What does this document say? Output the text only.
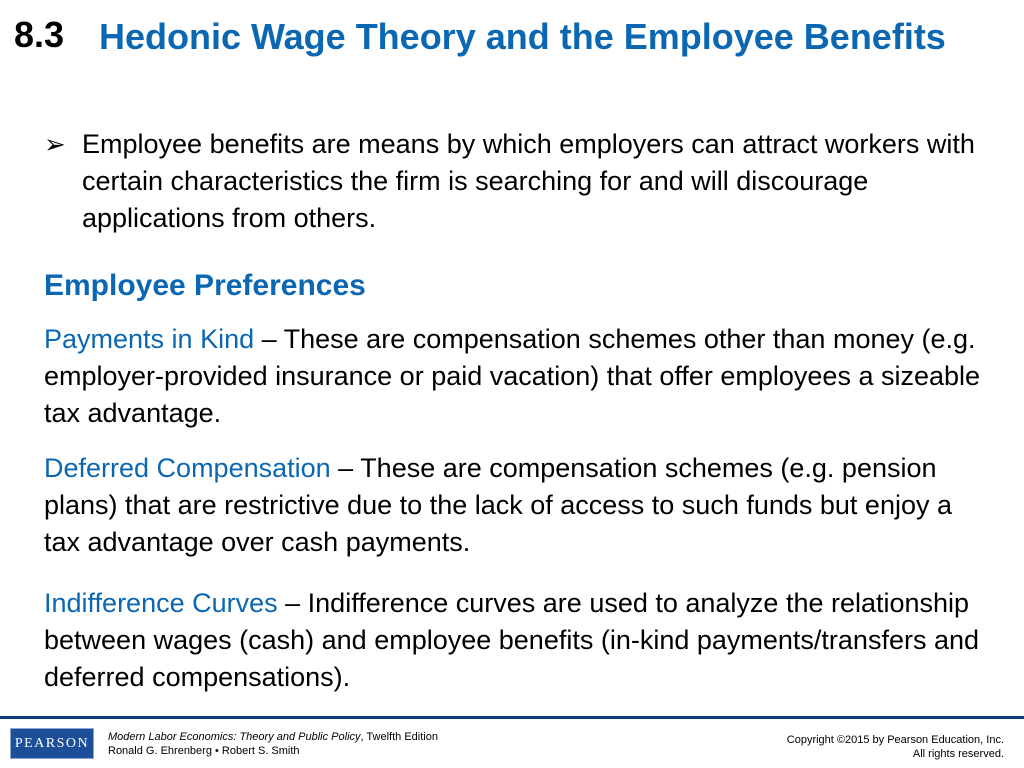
8.3 Hedonic Wage Theory and the Employee Benefits
➢ Employee benefits are means by which employers can attract workers with certain characteristics the firm is searching for and will discourage applications from others.
Employee Preferences
Payments in Kind – These are compensation schemes other than money (e.g. employer-provided insurance or paid vacation) that offer employees a sizeable tax advantage.
Deferred Compensation – These are compensation schemes (e.g. pension plans) that are restrictive due to the lack of access to such funds but enjoy a tax advantage over cash payments.
Indifference Curves – Indifference curves are used to analyze the relationship between wages (cash) and employee benefits (in-kind payments/transfers and deferred compensations).
PEARSON Modern Labor Economics: Theory and Public Policy, Twelfth Edition
Ronald G. Ehrenberg • Robert S. Smith
Copyright ©2015 by Pearson Education, Inc.
All rights reserved.
